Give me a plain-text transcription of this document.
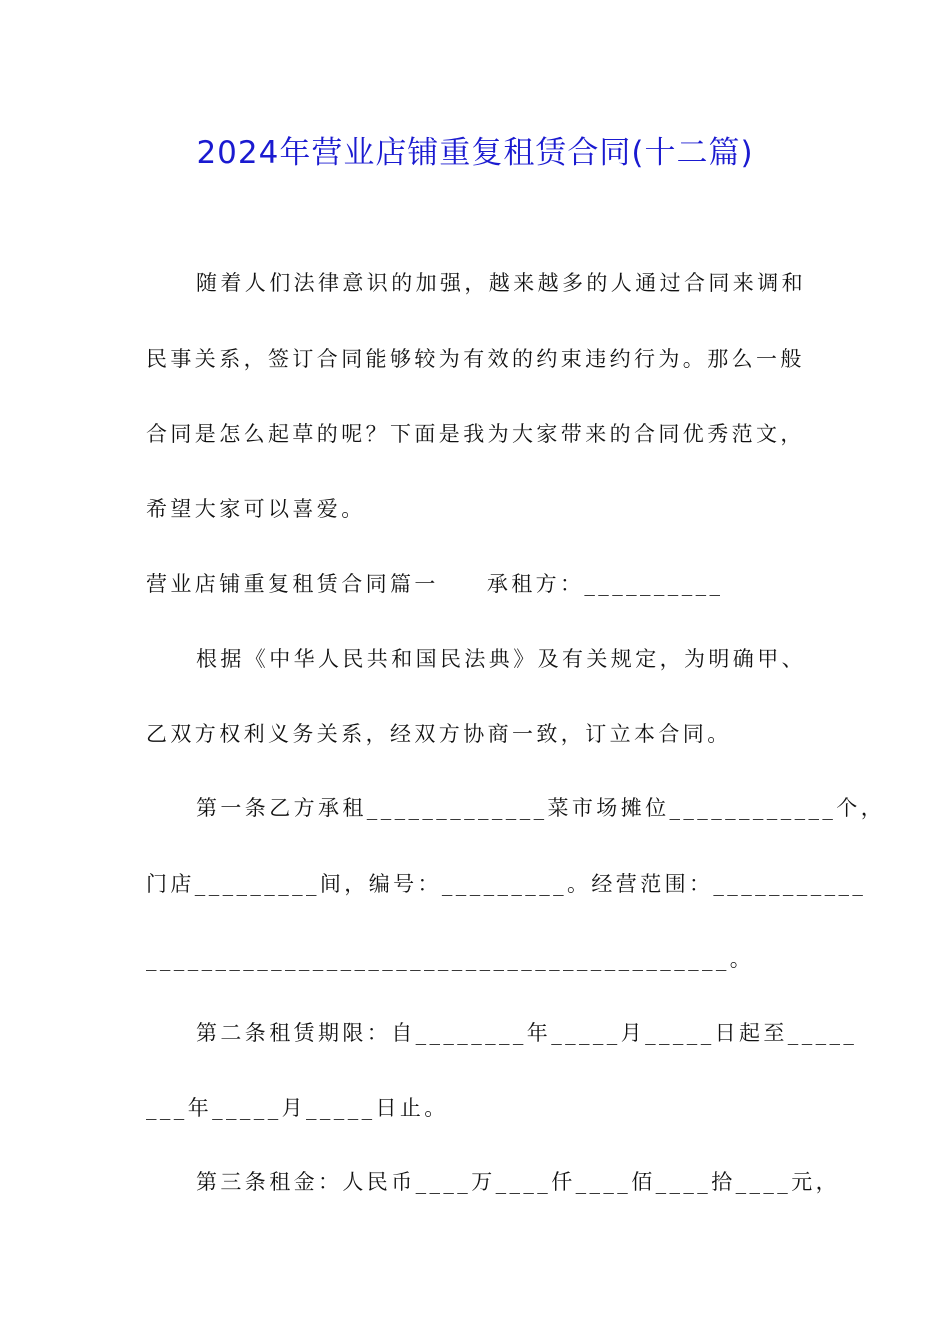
2024年营业店铺重复租赁合同(十二篇)
随着人们法律意识的加强，越来越多的人通过合同来调和
民事关系，签订合同能够较为有效的约束违约行为。那么一般
合同是怎么起草的呢？下面是我为大家带来的合同优秀范文，
希望大家可以喜爱。
营业店铺重复租赁合同篇一 承租方：__________
根据《中华人民共和国民法典》及有关规定，为明确甲、
乙双方权利义务关系，经双方协商一致，订立本合同。
第一条乙方承租_____________菜市场摊位____________个，
门店_________间，编号：_________。经营范围：___________
__________________________________________。
第二条租赁期限：自________年_____月_____日起至_____
___年_____月_____日止。
第三条租金：人民币____万____仟____佰____拾____元，
